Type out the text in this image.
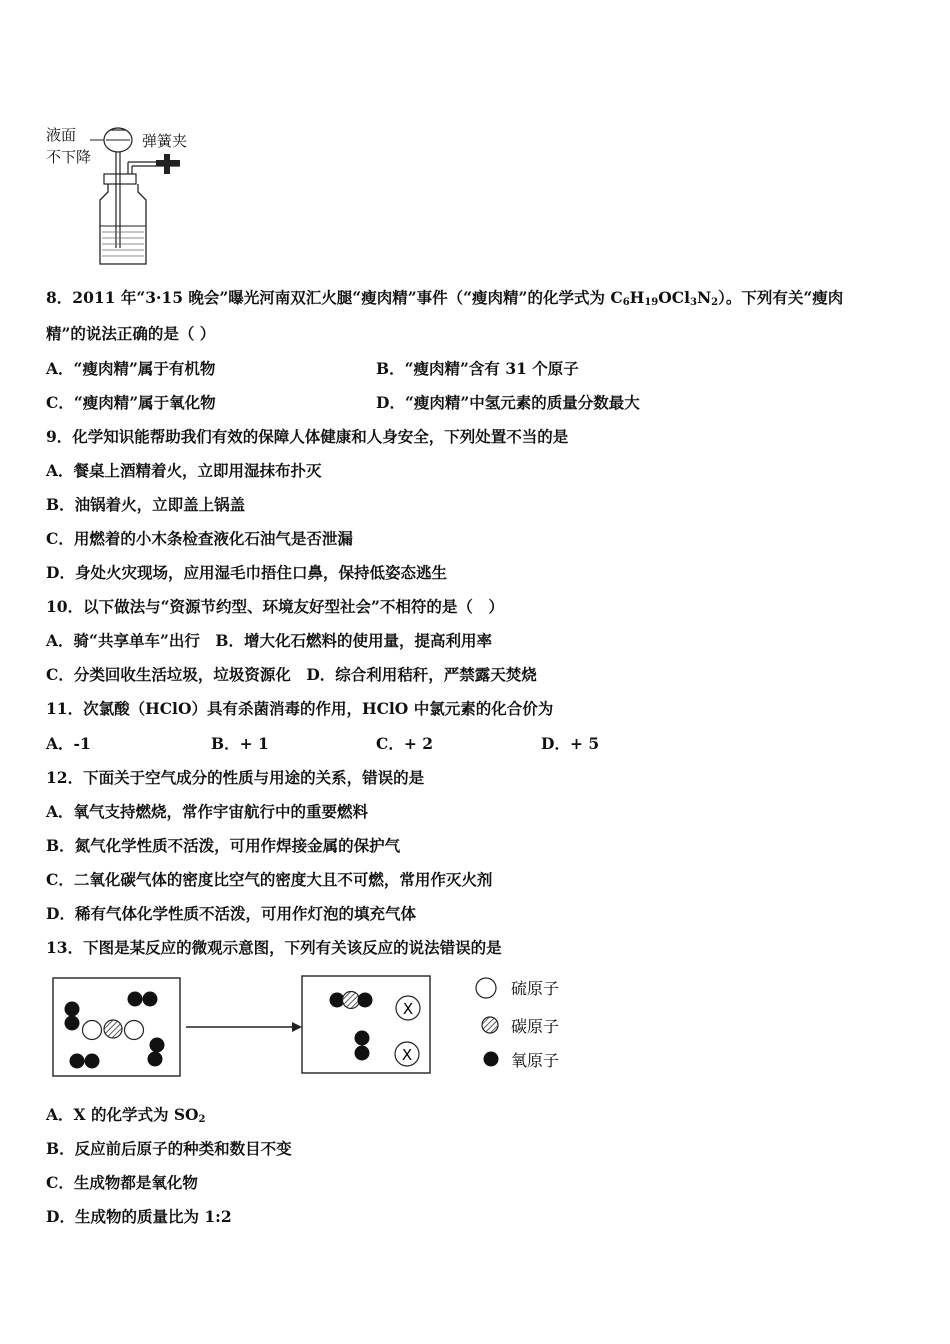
液面
不下降
弹簧夹
8．2011 年“3·15 晚会”曝光河南双汇火腿“瘦肉精”事件（“瘦肉精”的化学式为 $C_6H_{19}OCl_3N_2$）。下列有关“瘦肉
精”的说法正确的是（ ）
A．“瘦肉精”属于有机物	B．“瘦肉精”含有 31 个原子
C．“瘦肉精”属于氧化物	D．“瘦肉精”中氢元素的质量分数最大
9．化学知识能帮助我们有效的保障人体健康和人身安全，下列处置不当的是
A．餐桌上酒精着火，立即用湿抹布扑灭
B．油锅着火，立即盖上锅盖
C．用燃着的小木条检查液化石油气是否泄漏
D．身处火灾现场，应用湿毛巾捂住口鼻，保持低姿态逃生
10．以下做法与“资源节约型、环境友好型社会”不相符的是（　）
A．骑“共享单车”出行　B．增大化石燃料的使用量，提高利用率
C．分类回收生活垃圾，垃圾资源化　D．综合利用秸秆，严禁露天焚烧
11．次氯酸（HClO）具有杀菌消毒的作用，HClO 中氯元素的化合价为
A．-1	B．+ 1	C．+ 2	D．+ 5
12．下面关于空气成分的性质与用途的关系，错误的是
A．氧气支持燃烧，常作宇宙航行中的重要燃料
B．氮气化学性质不活泼，可用作焊接金属的保护气
C．二氧化碳气体的密度比空气的密度大且不可燃，常用作灭火剂
D．稀有气体化学性质不活泼，可用作灯泡的填充气体
13．下图是某反应的微观示意图，下列有关该反应的说法错误的是
X
X
硫原子
碳原子
氧原子
A．X 的化学式为 $SO_2$
B．反应前后原子的种类和数目不变
C．生成物都是氧化物
D．生成物的质量比为 1:2
